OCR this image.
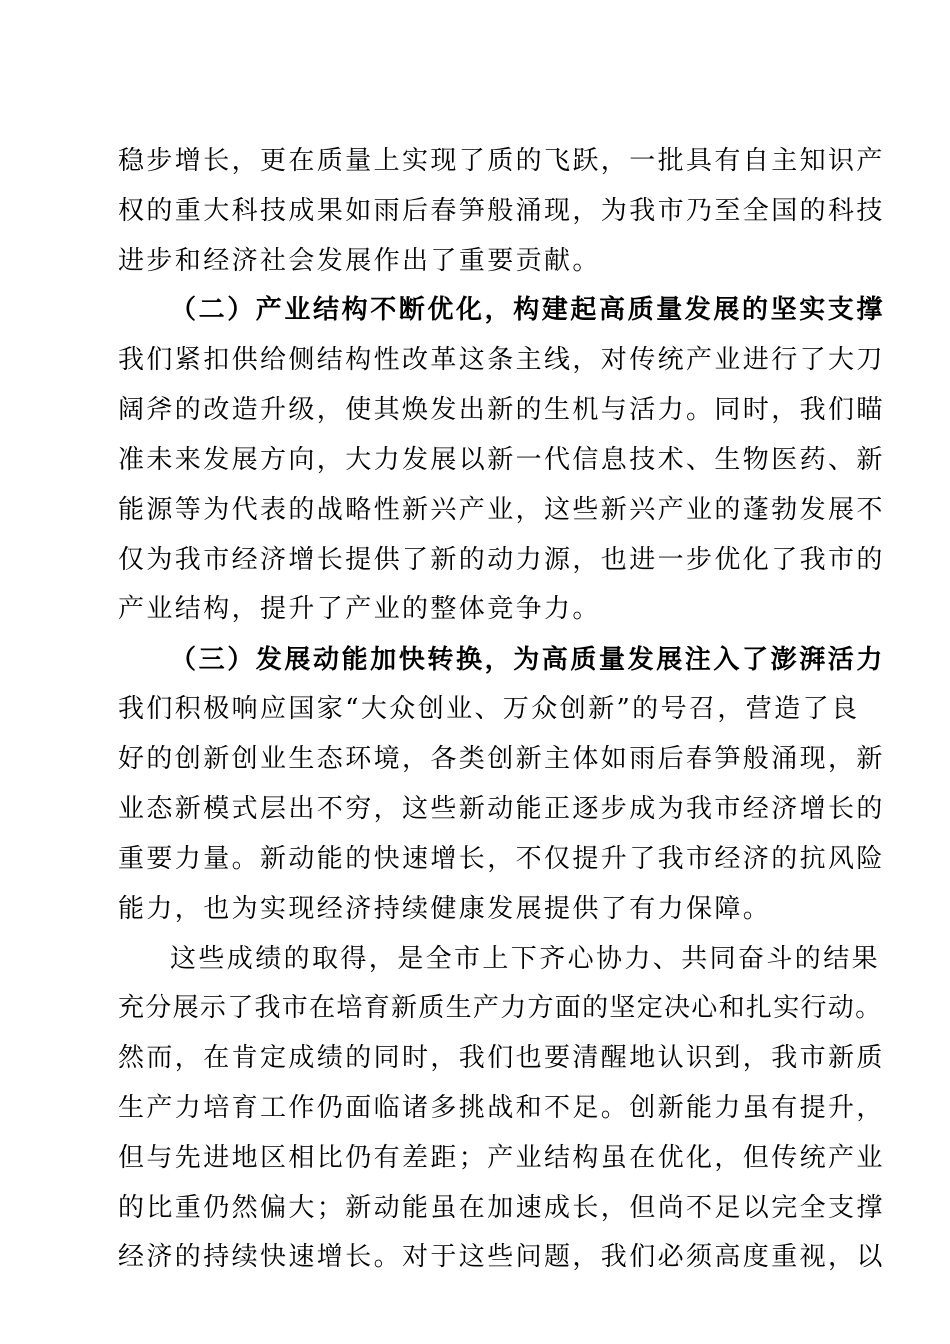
稳步增长，更在质量上实现了质的飞跃，一批具有自主知识产
权的重大科技成果如雨后春笋般涌现，为我市乃至全国的科技
进步和经济社会发展作出了重要贡献。
（二）产业结构不断优化，构建起高质量发展的坚实支撑
我们紧扣供给侧结构性改革这条主线，对传统产业进行了大刀
阔斧的改造升级，使其焕发出新的生机与活力。同时，我们瞄
准未来发展方向，大力发展以新一代信息技术、生物医药、新
能源等为代表的战略性新兴产业，这些新兴产业的蓬勃发展不
仅为我市经济增长提供了新的动力源，也进一步优化了我市的
产业结构，提升了产业的整体竞争力。
（三）发展动能加快转换，为高质量发展注入了澎湃活力
我们积极响应国家“大众创业、万众创新”的号召，营造了良
好的创新创业生态环境，各类创新主体如雨后春笋般涌现，新
业态新模式层出不穷，这些新动能正逐步成为我市经济增长的
重要力量。新动能的快速增长，不仅提升了我市经济的抗风险
能力，也为实现经济持续健康发展提供了有力保障。
这些成绩的取得，是全市上下齐心协力、共同奋斗的结果
充分展示了我市在培育新质生产力方面的坚定决心和扎实行动。
然而，在肯定成绩的同时，我们也要清醒地认识到，我市新质
生产力培育工作仍面临诸多挑战和不足。创新能力虽有提升，
但与先进地区相比仍有差距；产业结构虽在优化，但传统产业
的比重仍然偏大；新动能虽在加速成长，但尚不足以完全支撑
经济的持续快速增长。对于这些问题，我们必须高度重视，以
